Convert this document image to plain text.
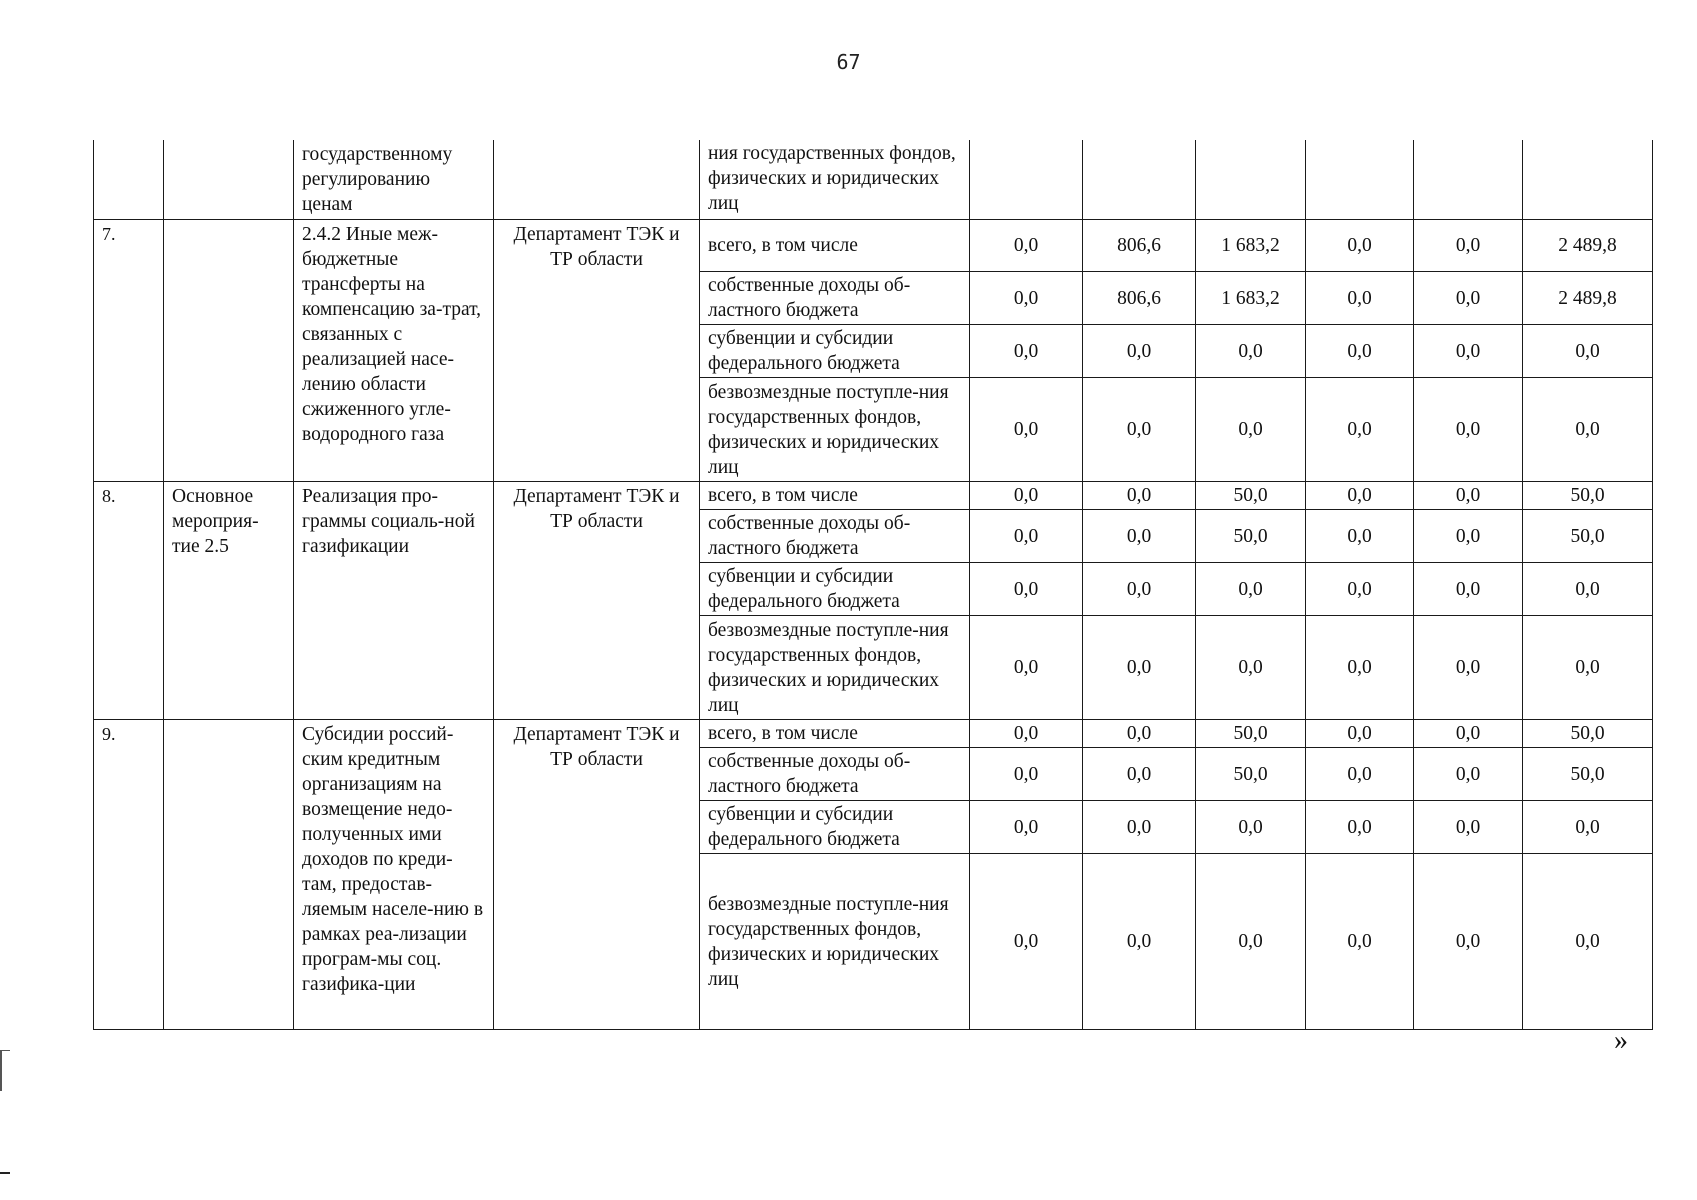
67
		государственному регулированию ценам		ния государственных фондов, физических и юридических лиц						
7.		2.4.2 Иные меж-бюджетные трансферты на компенсацию за-трат, связанных с реализацией насе-лению области сжиженного угле-водородного газа	Департамент ТЭК и ТР области	всего, в том числе	0,0	806,6	1 683,2	0,0	0,0	2 489,8
				собственные доходы об-ластного бюджета	0,0	806,6	1 683,2	0,0	0,0	2 489,8
				субвенции и субсидии федерального бюджета	0,0	0,0	0,0	0,0	0,0	0,0
				безвозмездные поступле-ния государственных фондов, физических и юридических лиц	0,0	0,0	0,0	0,0	0,0	0,0
8.	Основное мероприя-тие 2.5	Реализация про-граммы социаль-ной газификации	Департамент ТЭК и ТР области	всего, в том числе	0,0	0,0	50,0	0,0	0,0	50,0
				собственные доходы об-ластного бюджета	0,0	0,0	50,0	0,0	0,0	50,0
				субвенции и субсидии федерального бюджета	0,0	0,0	0,0	0,0	0,0	0,0
				безвозмездные поступле-ния государственных фондов, физических и юридических лиц	0,0	0,0	0,0	0,0	0,0	0,0
9.		Субсидии россий-ским кредитным организациям на возмещение недо-полученных ими доходов по креди-там, предостав-ляемым населе-нию в рамках реа-лизации програм-мы соц. газифика-ции	Департамент ТЭК и ТР области	всего, в том числе	0,0	0,0	50,0	0,0	0,0	50,0
				собственные доходы об-ластного бюджета	0,0	0,0	50,0	0,0	0,0	50,0
				субвенции и субсидии федерального бюджета	0,0	0,0	0,0	0,0	0,0	0,0
				безвозмездные поступле-ния государственных фондов, физических и юридических лиц	0,0	0,0	0,0	0,0	0,0	0,0
»
